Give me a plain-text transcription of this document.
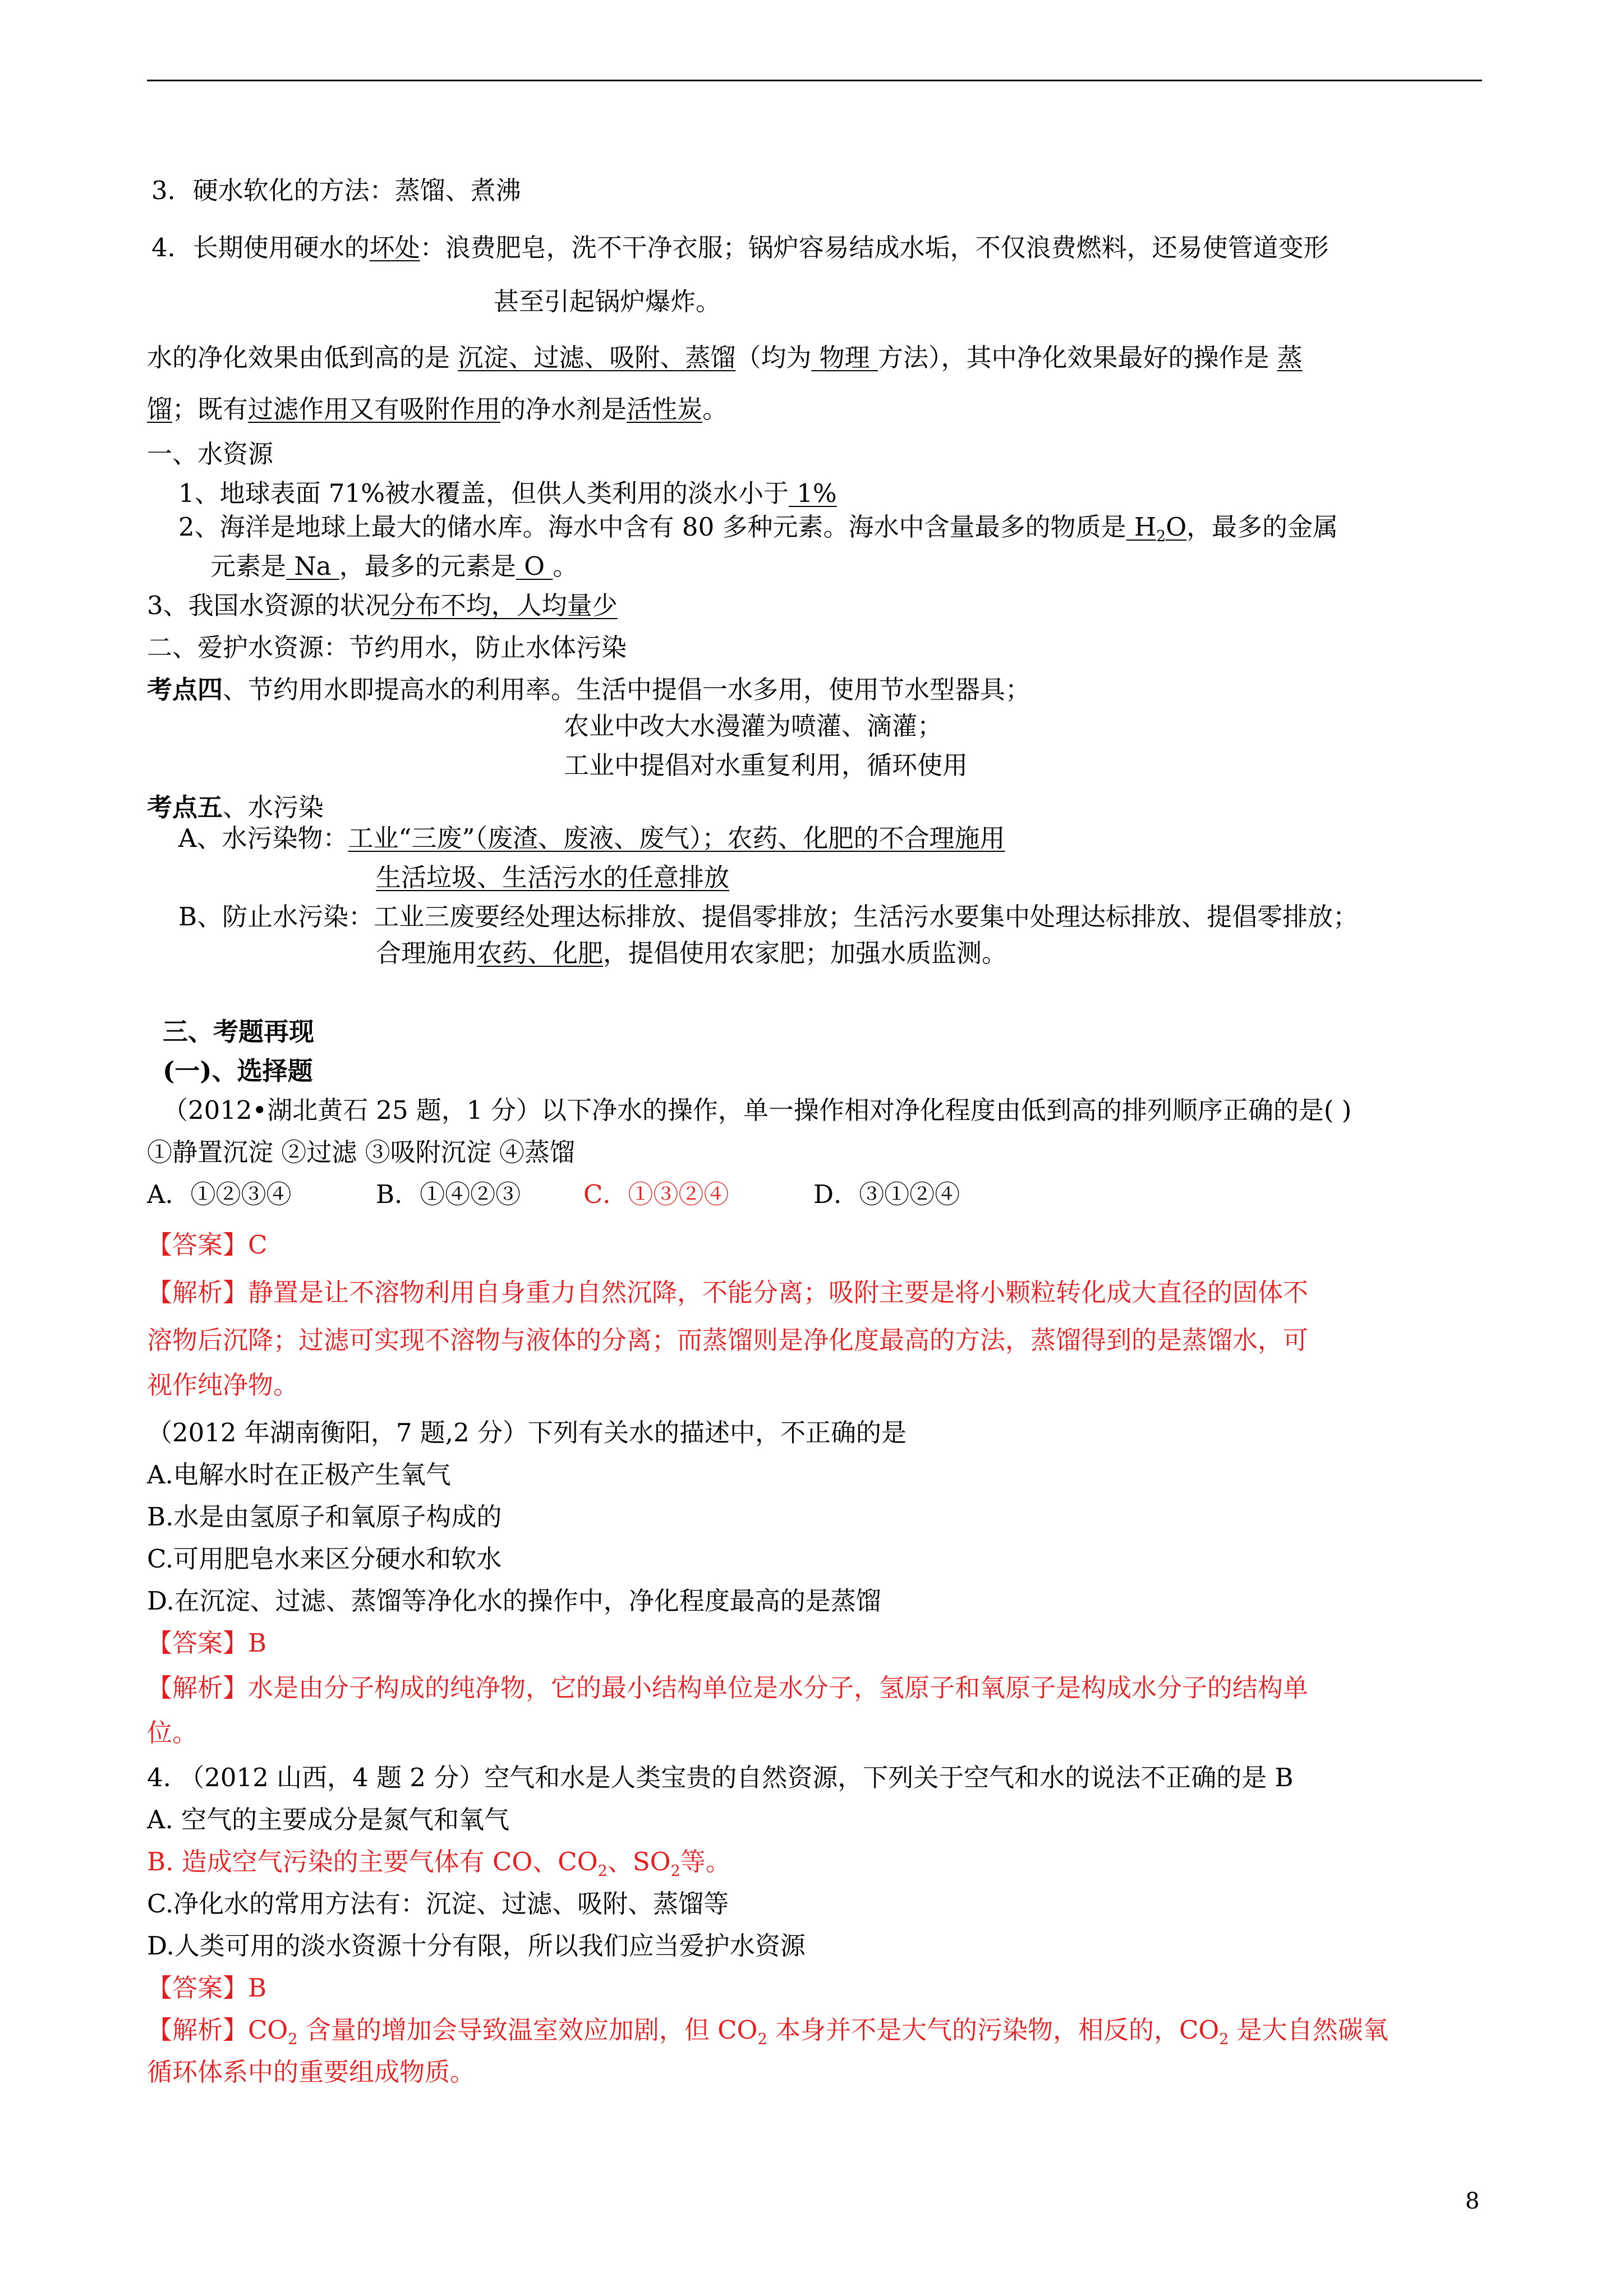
3．硬水软化的方法：蒸馏、煮沸
4．长期使用硬水的坏处：浪费肥皂，洗不干净衣服；锅炉容易结成水垢，不仅浪费燃料，还易使管道变形
甚至引起锅炉爆炸。
水的净化效果由低到高的是 沉淀、过滤、吸附、蒸馏（均为 物理 方法），其中净化效果最好的操作是 蒸
馏；既有过滤作用又有吸附作用的净水剂是活性炭。
一、水资源
1、地球表面 71%被水覆盖，但供人类利用的淡水小于 1%
2、海洋是地球上最大的储水库。海水中含有 80 多种元素。海水中含量最多的物质是 $H_2O$，最多的金属
元素是 Na ，最多的元素是 O 。
3、我国水资源的状况分布不均，人均量少
二、爱护水资源：节约用水，防止水体污染
考点四、节约用水即提高水的利用率。生活中提倡一水多用，使用节水型器具；
农业中改大水漫灌为喷灌、滴灌；
工业中提倡对水重复利用，循环使用
考点五、水污染
A、水污染物：工业“三废”（废渣、废液、废气）；农药、化肥的不合理施用
生活垃圾、生活污水的任意排放
B、防止水污染：工业三废要经处理达标排放、提倡零排放；生活污水要集中处理达标排放、提倡零排放；
合理施用农药、化肥，提倡使用农家肥；加强水质监测。
三、考题再现
(一)、选择题
（2012•湖北黄石 25 题，1 分）以下净水的操作，单一操作相对净化程度由低到高的排列顺序正确的是( )
①静置沉淀 ②过滤 ③吸附沉淀 ④蒸馏
A．①②③④	B．①④②③ C．①③②④	D．③①②④
【答案】C
【解析】静置是让不溶物利用自身重力自然沉降，不能分离；吸附主要是将小颗粒转化成大直径的固体不
溶物后沉降；过滤可实现不溶物与液体的分离；而蒸馏则是净化度最高的方法，蒸馏得到的是蒸馏水，可
视作纯净物。
（2012 年湖南衡阳，7 题,2 分）下列有关水的描述中，不正确的是
A.电解水时在正极产生氧气
B.水是由氢原子和氧原子构成的
C.可用肥皂水来区分硬水和软水
D.在沉淀、过滤、蒸馏等净化水的操作中，净化程度最高的是蒸馏
【答案】B
【解析】水是由分子构成的纯净物，它的最小结构单位是水分子，氢原子和氧原子是构成水分子的结构单
位。
4. （2012 山西，4 题 2 分）空气和水是人类宝贵的自然资源，下列关于空气和水的说法不正确的是 B
A. 空气的主要成分是氮气和氧气
B. 造成空气污染的主要气体有 CO、$CO_2$、$SO_2$等。
C.净化水的常用方法有：沉淀、过滤、吸附、蒸馏等
D.人类可用的淡水资源十分有限，所以我们应当爱护水资源
【答案】B
【解析】$CO_2$ 含量的增加会导致温室效应加剧，但 $CO_2$ 本身并不是大气的污染物，相反的，$CO_2$ 是大自然碳氧
循环体系中的重要组成物质。
8
